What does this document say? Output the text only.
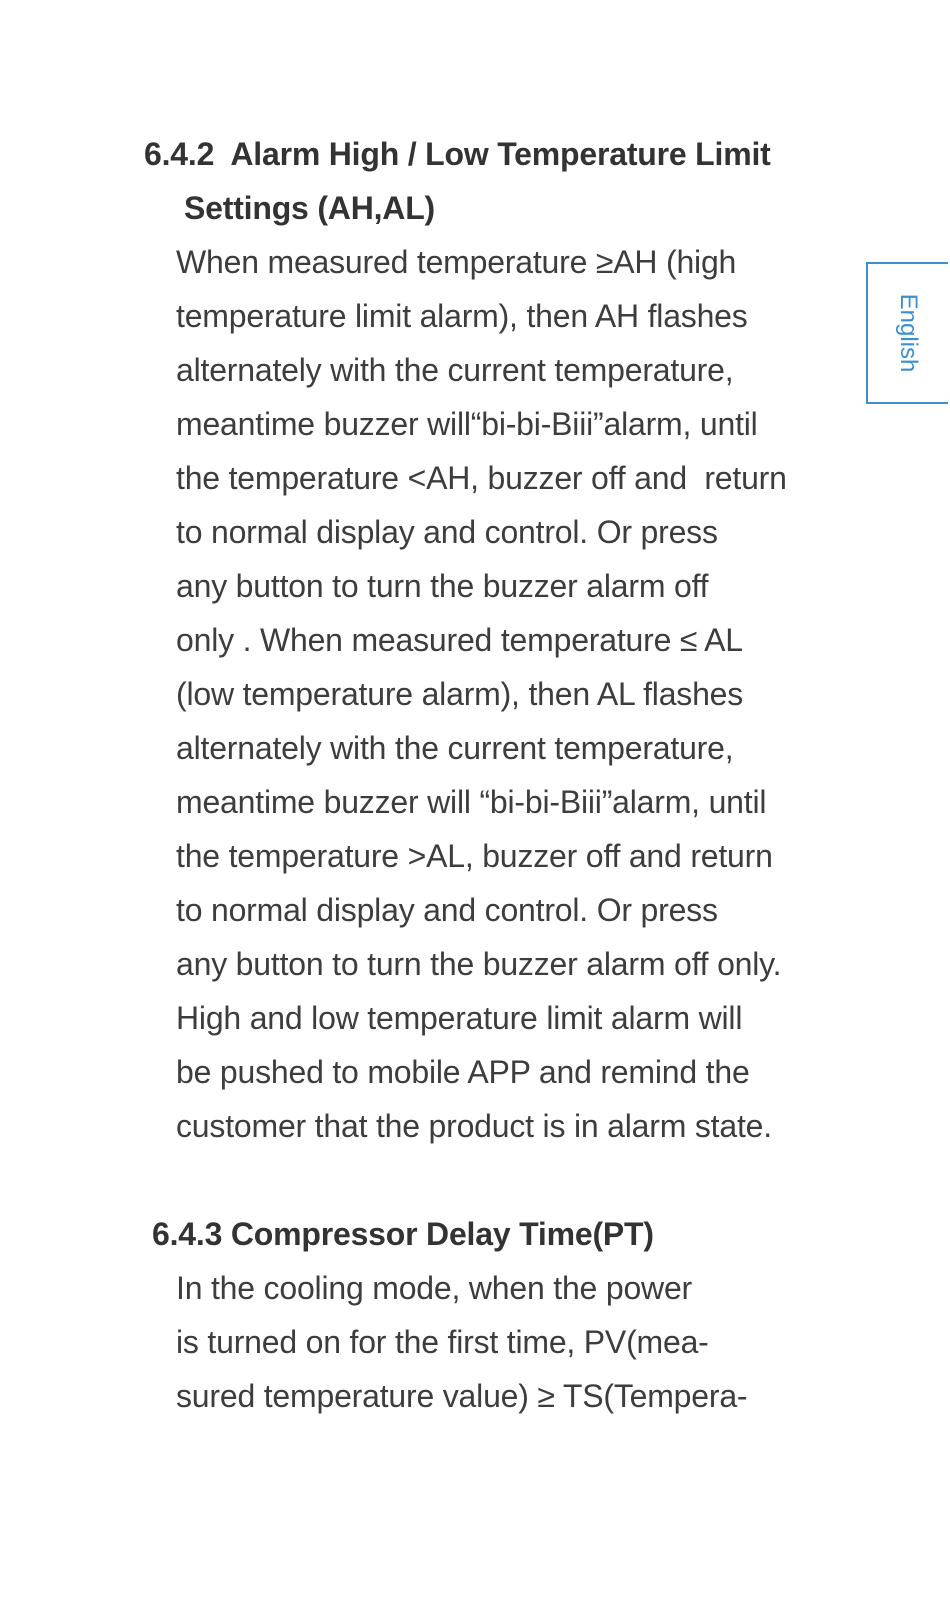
English
6.4.2  Alarm High / Low Temperature Limit
Settings (AH,AL)
When measured temperature ≥AH (high
temperature limit alarm), then AH flashes
alternately with the current temperature,
meantime buzzer will“bi-bi-Biii”alarm, until
the temperature <AH, buzzer off and  return
to normal display and control. Or press
any button to turn the buzzer alarm off
only . When measured temperature ≤ AL
(low temperature alarm), then AL flashes
alternately with the current temperature,
meantime buzzer will “bi-bi-Biii”alarm, until
the temperature >AL, buzzer off and return
to normal display and control. Or press
any button to turn the buzzer alarm off only.
High and low temperature limit alarm will
be pushed to mobile APP and remind the
customer that the product is in alarm state.
6.4.3 Compressor Delay Time(PT)
In the cooling mode, when the power
is turned on for the first time, PV(mea-
sured temperature value) ≥ TS(Tempera-
